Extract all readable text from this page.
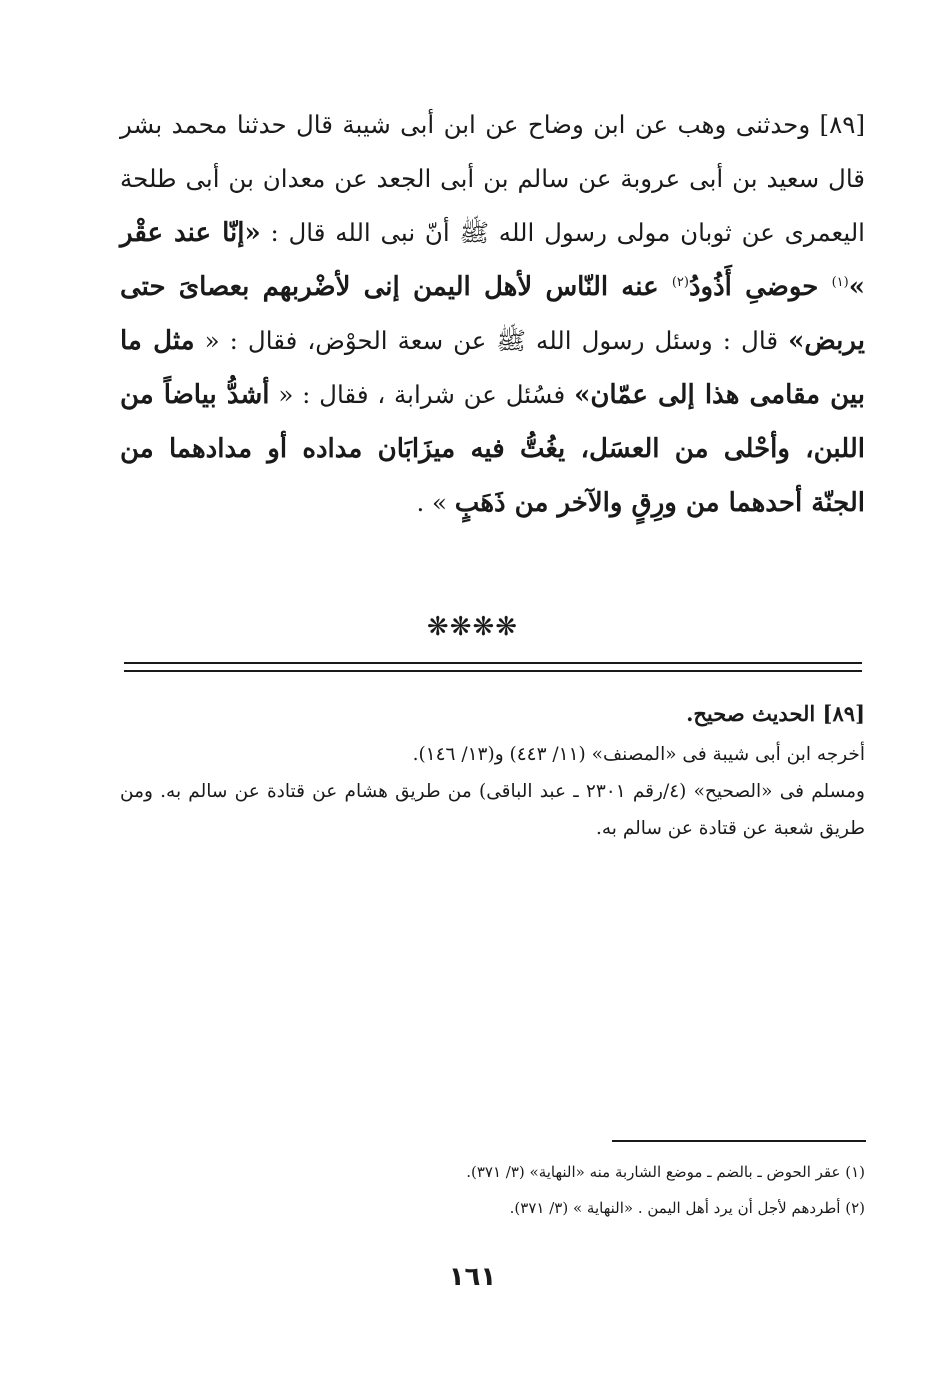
[٨٩] وحدثنى وهب عن ابن وضاح عن ابن أبى شيبة قال حدثنا محمد بشر قال سعيد بن أبى عروبة عن سالم بن أبى الجعد عن معدان بن أبى طلحة اليعمرى عن ثوبان مولى رسول الله ﷺ أنّ نبى الله قال : «إنّا عند عقْر »$^{(١)}$ حوضىِ أَذُودُ$^{(٢)}$ عنه النّاس لأهل اليمن إنى لأضْربهم بعصاىَ حتى يربض» قال : وسئل رسول الله ﷺ عن سعة الحوْض، فقال : « مثل ما بين مقامى هذا إلى عمّان» فسُئل عن شرابة ، فقال : « أشدُّ بياضاً من اللبن، وأحْلى من العسَل، يغُتُّ فيه ميزَابَان مداده أو مدادهما من الجنّة أحدهما من ورِقٍ والآخر من ذَهَبٍ » .

❋❋❋❋

[٨٩] الحديث صحيح.

أخرجه ابن أبى شيبة فى «المصنف» (١١/ ٤٤٣) و(١٣/ ١٤٦).

ومسلم فى «الصحيح» (٤/رقم ٢٣٠١ ـ عبد الباقى) من طريق هشام عن قتادة عن سالم به. ومن طريق شعبة عن قتادة عن سالم به.

(١) عقر الحوض ـ بالضم ـ موضع الشاربة منه «النهاية» (٣/ ٣٧١).

(٢) أطردهم لأجل أن يرد أهل اليمن . «النهاية » (٣/ ٣٧١).

١٦١
